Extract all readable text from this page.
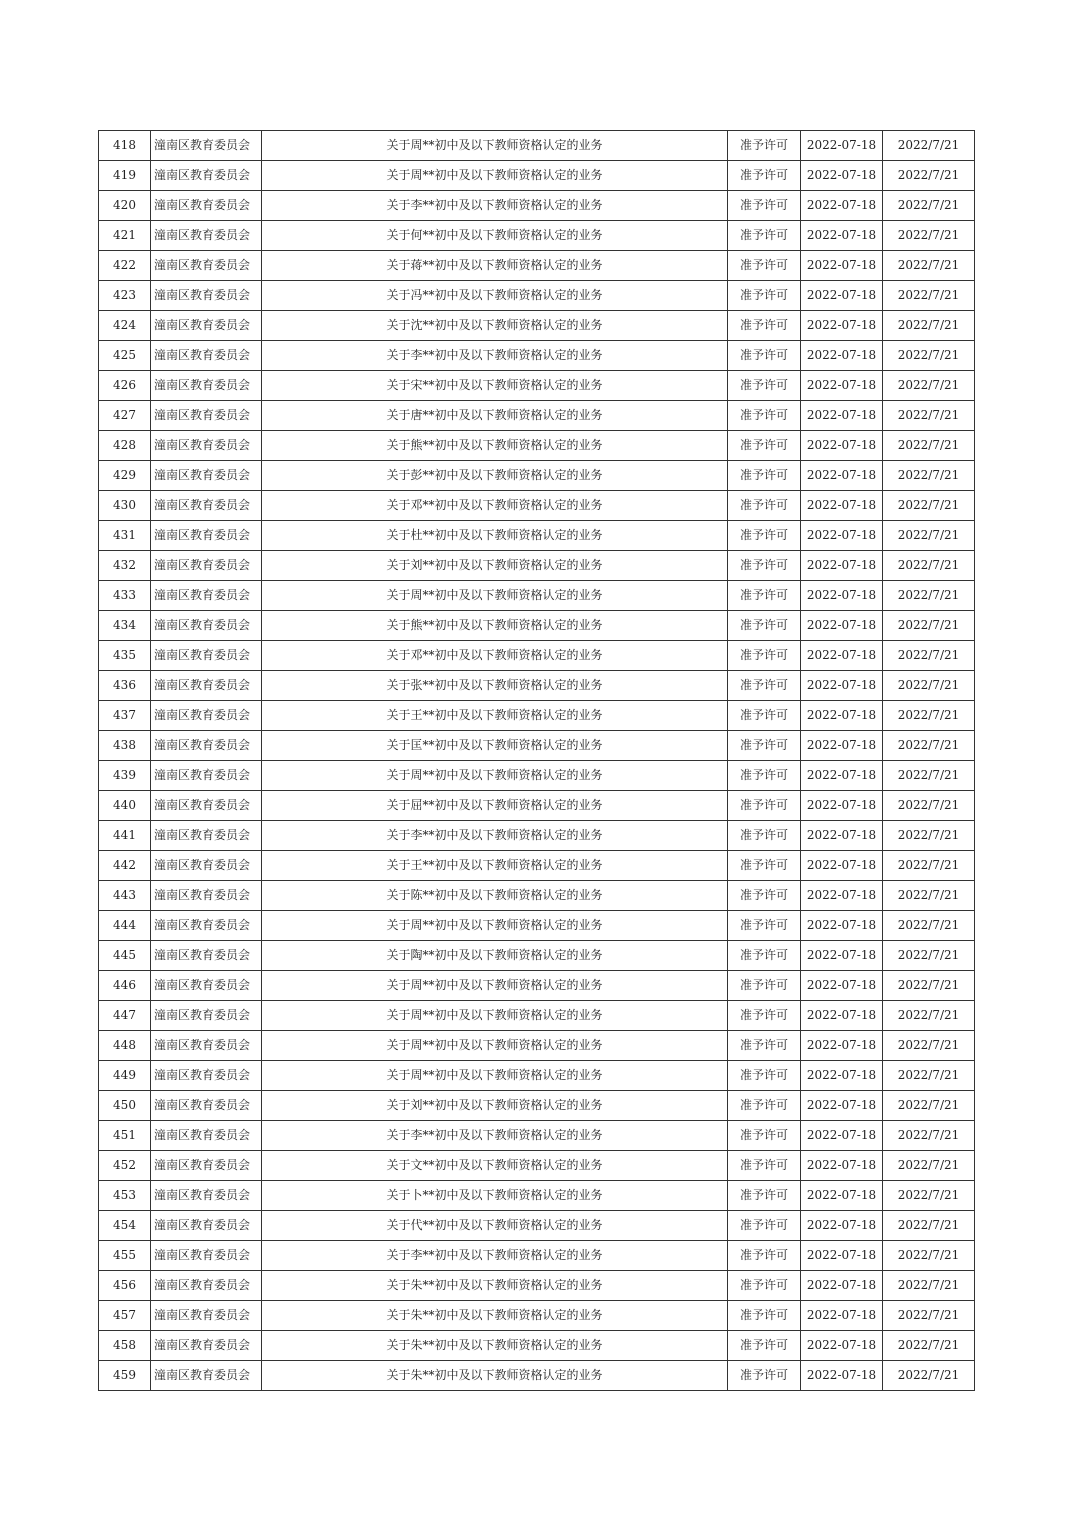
418	潼南区教育委员会	关于周**初中及以下教师资格认定的业务	准予许可	2022-07-18	2022/7/21
419	潼南区教育委员会	关于周**初中及以下教师资格认定的业务	准予许可	2022-07-18	2022/7/21
420	潼南区教育委员会	关于李**初中及以下教师资格认定的业务	准予许可	2022-07-18	2022/7/21
421	潼南区教育委员会	关于何**初中及以下教师资格认定的业务	准予许可	2022-07-18	2022/7/21
422	潼南区教育委员会	关于蒋**初中及以下教师资格认定的业务	准予许可	2022-07-18	2022/7/21
423	潼南区教育委员会	关于冯**初中及以下教师资格认定的业务	准予许可	2022-07-18	2022/7/21
424	潼南区教育委员会	关于沈**初中及以下教师资格认定的业务	准予许可	2022-07-18	2022/7/21
425	潼南区教育委员会	关于李**初中及以下教师资格认定的业务	准予许可	2022-07-18	2022/7/21
426	潼南区教育委员会	关于宋**初中及以下教师资格认定的业务	准予许可	2022-07-18	2022/7/21
427	潼南区教育委员会	关于唐**初中及以下教师资格认定的业务	准予许可	2022-07-18	2022/7/21
428	潼南区教育委员会	关于熊**初中及以下教师资格认定的业务	准予许可	2022-07-18	2022/7/21
429	潼南区教育委员会	关于彭**初中及以下教师资格认定的业务	准予许可	2022-07-18	2022/7/21
430	潼南区教育委员会	关于邓**初中及以下教师资格认定的业务	准予许可	2022-07-18	2022/7/21
431	潼南区教育委员会	关于杜**初中及以下教师资格认定的业务	准予许可	2022-07-18	2022/7/21
432	潼南区教育委员会	关于刘**初中及以下教师资格认定的业务	准予许可	2022-07-18	2022/7/21
433	潼南区教育委员会	关于周**初中及以下教师资格认定的业务	准予许可	2022-07-18	2022/7/21
434	潼南区教育委员会	关于熊**初中及以下教师资格认定的业务	准予许可	2022-07-18	2022/7/21
435	潼南区教育委员会	关于邓**初中及以下教师资格认定的业务	准予许可	2022-07-18	2022/7/21
436	潼南区教育委员会	关于张**初中及以下教师资格认定的业务	准予许可	2022-07-18	2022/7/21
437	潼南区教育委员会	关于王**初中及以下教师资格认定的业务	准予许可	2022-07-18	2022/7/21
438	潼南区教育委员会	关于匡**初中及以下教师资格认定的业务	准予许可	2022-07-18	2022/7/21
439	潼南区教育委员会	关于周**初中及以下教师资格认定的业务	准予许可	2022-07-18	2022/7/21
440	潼南区教育委员会	关于屈**初中及以下教师资格认定的业务	准予许可	2022-07-18	2022/7/21
441	潼南区教育委员会	关于李**初中及以下教师资格认定的业务	准予许可	2022-07-18	2022/7/21
442	潼南区教育委员会	关于王**初中及以下教师资格认定的业务	准予许可	2022-07-18	2022/7/21
443	潼南区教育委员会	关于陈**初中及以下教师资格认定的业务	准予许可	2022-07-18	2022/7/21
444	潼南区教育委员会	关于周**初中及以下教师资格认定的业务	准予许可	2022-07-18	2022/7/21
445	潼南区教育委员会	关于陶**初中及以下教师资格认定的业务	准予许可	2022-07-18	2022/7/21
446	潼南区教育委员会	关于周**初中及以下教师资格认定的业务	准予许可	2022-07-18	2022/7/21
447	潼南区教育委员会	关于周**初中及以下教师资格认定的业务	准予许可	2022-07-18	2022/7/21
448	潼南区教育委员会	关于周**初中及以下教师资格认定的业务	准予许可	2022-07-18	2022/7/21
449	潼南区教育委员会	关于周**初中及以下教师资格认定的业务	准予许可	2022-07-18	2022/7/21
450	潼南区教育委员会	关于刘**初中及以下教师资格认定的业务	准予许可	2022-07-18	2022/7/21
451	潼南区教育委员会	关于李**初中及以下教师资格认定的业务	准予许可	2022-07-18	2022/7/21
452	潼南区教育委员会	关于文**初中及以下教师资格认定的业务	准予许可	2022-07-18	2022/7/21
453	潼南区教育委员会	关于卜**初中及以下教师资格认定的业务	准予许可	2022-07-18	2022/7/21
454	潼南区教育委员会	关于代**初中及以下教师资格认定的业务	准予许可	2022-07-18	2022/7/21
455	潼南区教育委员会	关于李**初中及以下教师资格认定的业务	准予许可	2022-07-18	2022/7/21
456	潼南区教育委员会	关于朱**初中及以下教师资格认定的业务	准予许可	2022-07-18	2022/7/21
457	潼南区教育委员会	关于朱**初中及以下教师资格认定的业务	准予许可	2022-07-18	2022/7/21
458	潼南区教育委员会	关于朱**初中及以下教师资格认定的业务	准予许可	2022-07-18	2022/7/21
459	潼南区教育委员会	关于朱**初中及以下教师资格认定的业务	准予许可	2022-07-18	2022/7/21
